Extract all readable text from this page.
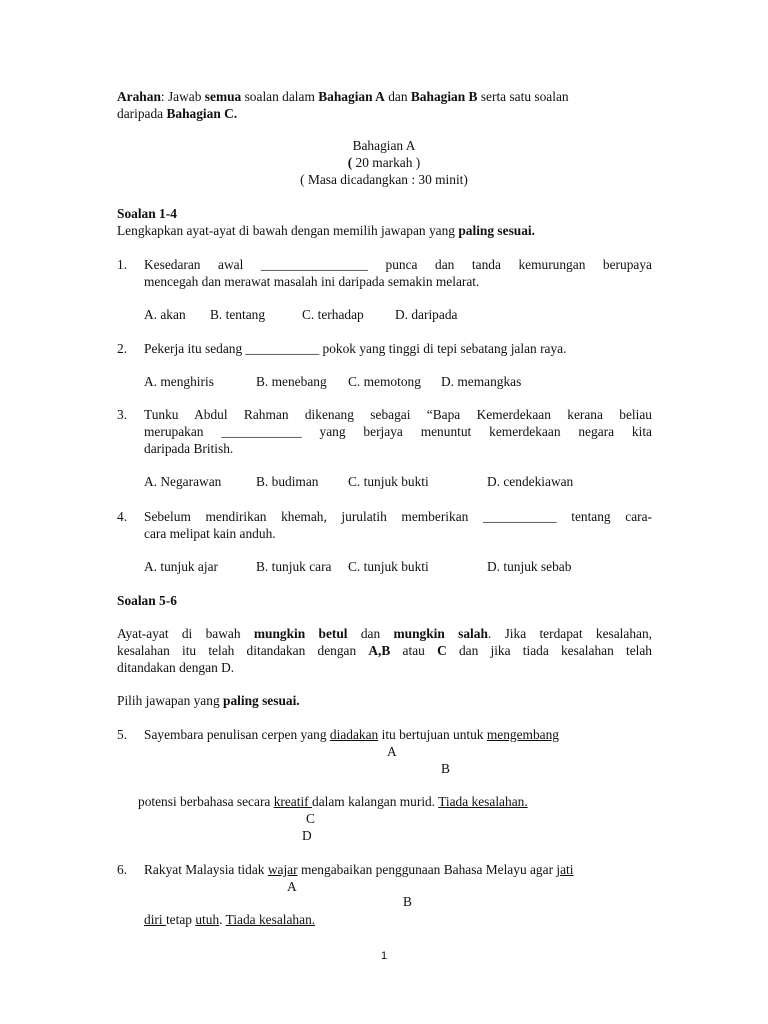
Arahan: Jawab semua soalan dalam Bahagian A dan Bahagian B serta satu soalan
daripada Bahagian C.
Bahagian A
( 20 markah )
( Masa dicadangkan : 30 minit)
Soalan 1-4
Lengkapkan ayat-ayat di bawah dengan memilih jawapan yang paling sesuai.
1. Kesedaran awal ________________ punca dan tanda kemurungan berupaya
mencegah dan merawat masalah ini daripada semakin melarat.
A. akan B. tentang	C. terhadap D. daripada
2. Pekerja itu sedang ___________ pokok yang tinggi di tepi sebatang jalan raya.
A. menghiris	B. menebang C. memotong D. memangkas
3. Tunku Abdul Rahman dikenang sebagai “Bapa Kemerdekaan kerana beliau
merupakan ____________ yang berjaya menuntut kemerdekaan negara kita
daripada British.
A. Negarawan	B. budiman C. tunjuk bukti	D. cendekiawan
4. Sebelum mendirikan khemah, jurulatih memberikan ___________ tentang cara-
cara melipat kain anduh.
A. tunjuk ajar	B. tunjuk cara C. tunjuk bukti	D. tunjuk sebab
Soalan 5-6
Ayat-ayat di bawah mungkin betul dan mungkin salah. Jika terdapat kesalahan,
kesalahan itu telah ditandakan dengan A,B atau C dan jika tiada kesalahan telah
ditandakan dengan D.
Pilih jawapan yang paling sesuai.
5. Sayembara penulisan cerpen yang diadakan itu bertujuan untuk mengembang
A
B
potensi berbahasa secara kreatif dalam kalangan murid. Tiada kesalahan.
C
D
6. Rakyat Malaysia tidak wajar mengabaikan penggunaan Bahasa Melayu agar jati
A
B
diri tetap utuh. Tiada kesalahan.
1
